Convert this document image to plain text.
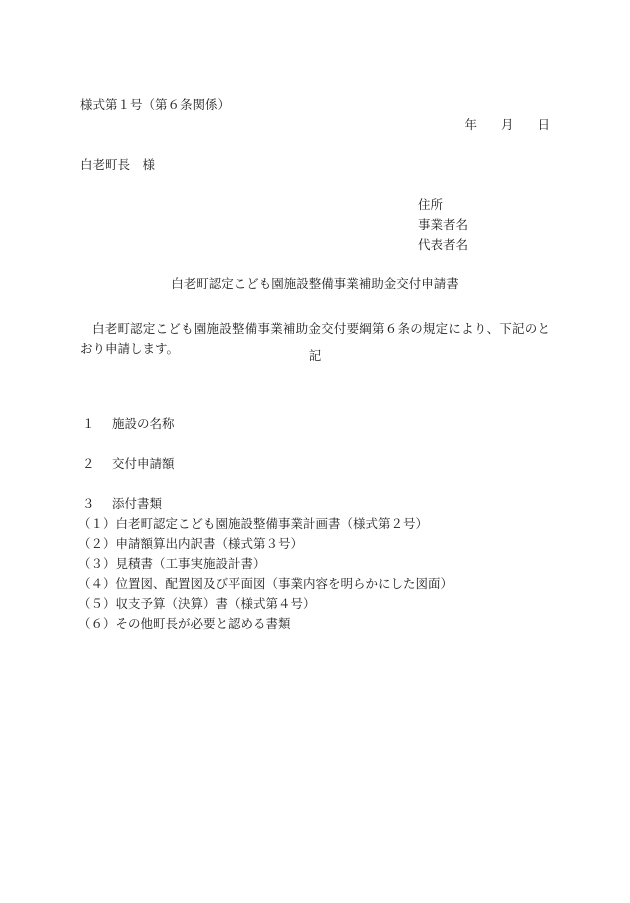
様式第１号（第６条関係）
年 月 日
白老町長　様
住所
事業者名
代表者名
白老町認定こども園施設整備事業補助金交付申請書
白老町認定こども園施設整備事業補助金交付要綱第６条の規定により、下記のとおり申請します。	記
１ 施設の名称
２ 交付申請額
３ 添付書類
（１）白老町認定こども園施設整備事業計画書（様式第２号）
（２）申請額算出内訳書（様式第３号）
（３）見積書（工事実施設計書）
（４）位置図、配置図及び平面図（事業内容を明らかにした図面）
（５）収支予算（決算）書（様式第４号）
（６）その他町長が必要と認める書類
